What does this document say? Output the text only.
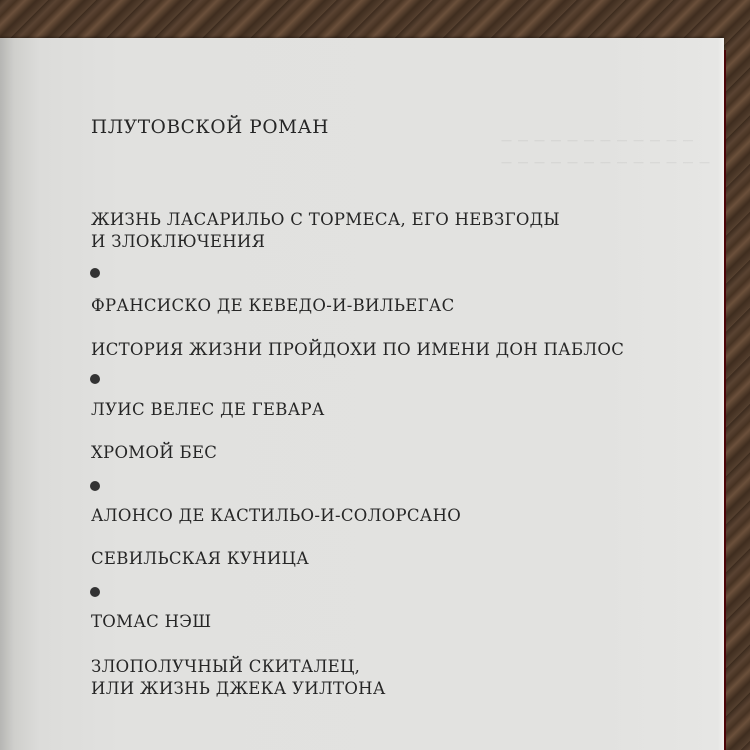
— — — — — — — — — — — —
— — — — — — — — — — — — —
ПЛУТОВСКОЙ РОМАН
ЖИЗНЬ ЛАСАРИЛЬО С ТОРМЕСА, ЕГО НЕВЗГОДЫ
И ЗЛОКЛЮЧЕНИЯ
ФРАНСИСКО ДЕ КЕВЕДО-И-ВИЛЬЕГАС
ИСТОРИЯ ЖИЗНИ ПРОЙДОХИ ПО ИМЕНИ ДОН ПАБЛОС
ЛУИС ВЕЛЕС ДЕ ГЕВАРА
ХРОМОЙ БЕС
АЛОНСО ДЕ КАСТИЛЬО-И-СОЛОРСАНО
СЕВИЛЬСКАЯ КУНИЦА
ТОМАС НЭШ
ЗЛОПОЛУЧНЫЙ СКИТАЛЕЦ,
ИЛИ ЖИЗНЬ ДЖЕКА УИЛТОНА
